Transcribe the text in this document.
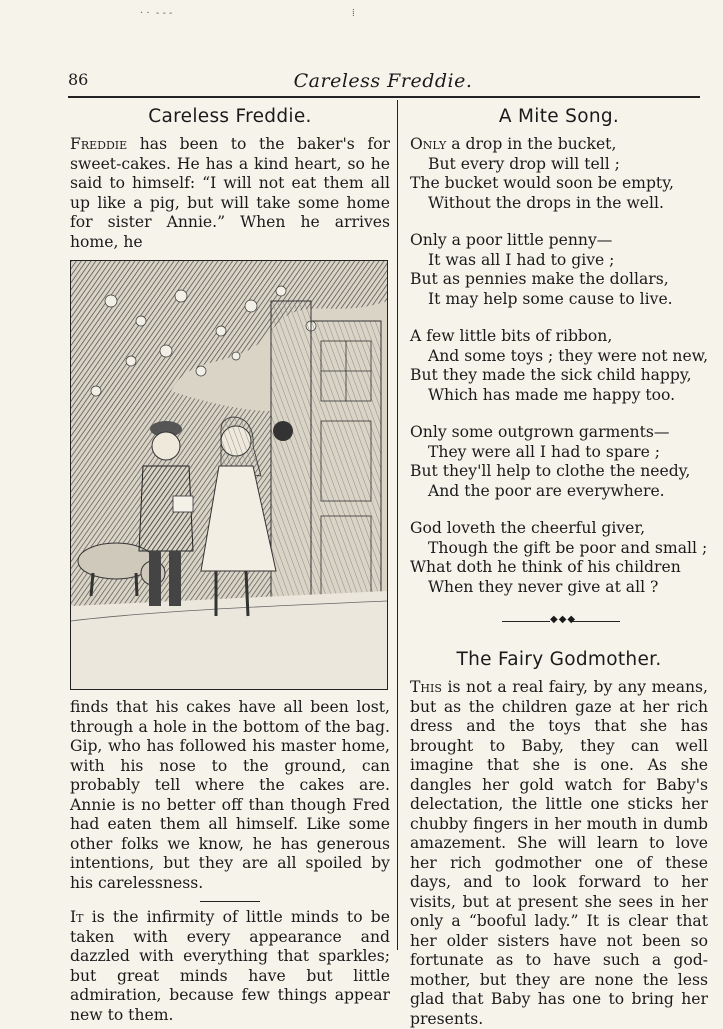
· ·  - - -	⁞
86	Careless Freddie.
Careless Freddie.

Freddie has been to the baker's for sweet-cakes. He has a kind heart, so he said to himself: “I will not eat them all up like a pig, but will take some home for sister Annie.” When he arrives home, he

finds that his cakes have all been lost, through a hole in the bottom of the bag. Gip, who has followed his master home, with his nose to the ground, can probably tell where the cakes are. Annie is no better off than though Fred had eaten them all himself. Like some other folks we know, he has generous intentions, but they are all spoiled by his carelessness.

It is the infirmity of little minds to be taken with every appearance and dazzled with everything that sparkles; but great minds have but little admiration, because few things appear new to them.

A Mite Song.
Only a drop in the bucket,
But every drop will tell ;
The bucket would soon be empty,
Without the drops in the well.
Only a poor little penny—
It was all I had to give ;
But as pennies make the dollars,
It may help some cause to live.
A few little bits of ribbon,
And some toys ; they were not new,
But they made the sick child happy,
Which has made me happy too.
Only some outgrown garments—
They were all I had to spare ;
But they'll help to clothe the needy,
And the poor are everywhere.
God loveth the cheerful giver,
Though the gift be poor and small ;
What doth he think of his children
When they never give at all ?
◆◆◆
The Fairy Godmother.

This is not a real fairy, by any means, but as the children gaze at her rich dress and the toys that she has brought to Baby, they can well imagine that she is one. As she dangles her gold watch for Baby's delectation, the little one sticks her chubby fingers in her mouth in dumb amazement. She will learn to love her rich godmother one of these days, and to look forward to her visits, but at present she sees in her only a “booful lady.” It is clear that her older sisters have not been so fortunate as to have such a god-mother, but they are none the less glad that Baby has one to bring her presents.
